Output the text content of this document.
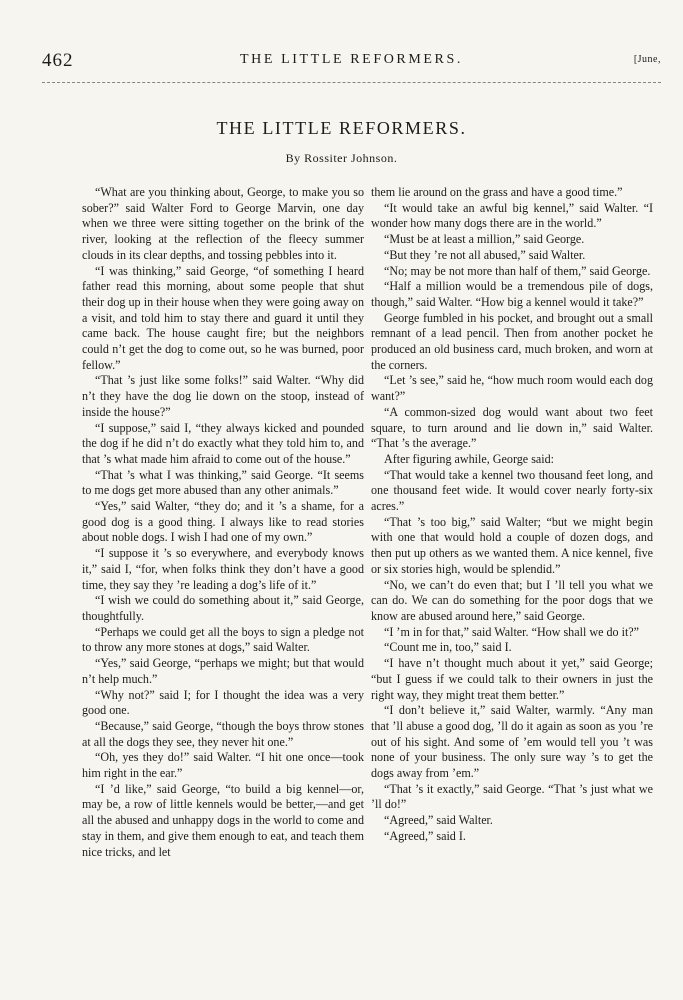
462	THE LITTLE REFORMERS.	[June,
THE LITTLE REFORMERS.
By Rossiter Johnson.

“What are you thinking about, George, to make you so sober?” said Walter Ford to George Marvin, one day when we three were sitting together on the brink of the river, looking at the reflection of the fleecy summer clouds in its clear depths, and tossing pebbles into it.

“I was thinking,” said George, “of something I heard father read this morning, about some people that shut their dog up in their house when they were going away on a visit, and told him to stay there and guard it until they came back. The house caught fire; but the neighbors could n’t get the dog to come out, so he was burned, poor fellow.”

“That ’s just like some folks!” said Walter. “Why did n’t they have the dog lie down on the stoop, instead of inside the house?”

“I suppose,” said I, “they always kicked and pounded the dog if he did n’t do exactly what they told him to, and that ’s what made him afraid to come out of the house.”

“That ’s what I was thinking,” said George. “It seems to me dogs get more abused than any other animals.”

“Yes,” said Walter, “they do; and it ’s a shame, for a good dog is a good thing. I always like to read stories about noble dogs. I wish I had one of my own.”

“I suppose it ’s so everywhere, and everybody knows it,” said I, “for, when folks think they don’t have a good time, they say they ’re leading a dog’s life of it.”

“I wish we could do something about it,” said George, thoughtfully.

“Perhaps we could get all the boys to sign a pledge not to throw any more stones at dogs,” said Walter.

“Yes,” said George, “perhaps we might; but that would n’t help much.”

“Why not?” said I; for I thought the idea was a very good one.

“Because,” said George, “though the boys throw stones at all the dogs they see, they never hit one.”

“Oh, yes they do!” said Walter. “I hit one once—took him right in the ear.”

“I ’d like,” said George, “to build a big kennel—or, may be, a row of little kennels would be better,—and get all the abused and unhappy dogs in the world to come and stay in them, and give them enough to eat, and teach them nice tricks, and let

them lie around on the grass and have a good time.”

“It would take an awful big kennel,” said Walter. “I wonder how many dogs there are in the world.”

“Must be at least a million,” said George.

“But they ’re not all abused,” said Walter.

“No; may be not more than half of them,” said George.

“Half a million would be a tremendous pile of dogs, though,” said Walter. “How big a kennel would it take?”

George fumbled in his pocket, and brought out a small remnant of a lead pencil. Then from another pocket he produced an old business card, much broken, and worn at the corners.

“Let ’s see,” said he, “how much room would each dog want?”

“A common-sized dog would want about two feet square, to turn around and lie down in,” said Walter. “That ’s the average.”

After figuring awhile, George said:

“That would take a kennel two thousand feet long, and one thousand feet wide. It would cover nearly forty-six acres.”

“That ’s too big,” said Walter; “but we might begin with one that would hold a couple of dozen dogs, and then put up others as we wanted them. A nice kennel, five or six stories high, would be splendid.”

“No, we can’t do even that; but I ’ll tell you what we can do. We can do something for the poor dogs that we know are abused around here,” said George.

“I ’m in for that,” said Walter. “How shall we do it?”

“Count me in, too,” said I.

“I have n’t thought much about it yet,” said George; “but I guess if we could talk to their owners in just the right way, they might treat them better.”

“I don’t believe it,” said Walter, warmly. “Any man that ’ll abuse a good dog, ’ll do it again as soon as you ’re out of his sight. And some of ’em would tell you ’t was none of your business. The only sure way ’s to get the dogs away from ’em.”

“That ’s it exactly,” said George. “That ’s just what we ’ll do!”

“Agreed,” said Walter.

“Agreed,” said I.
